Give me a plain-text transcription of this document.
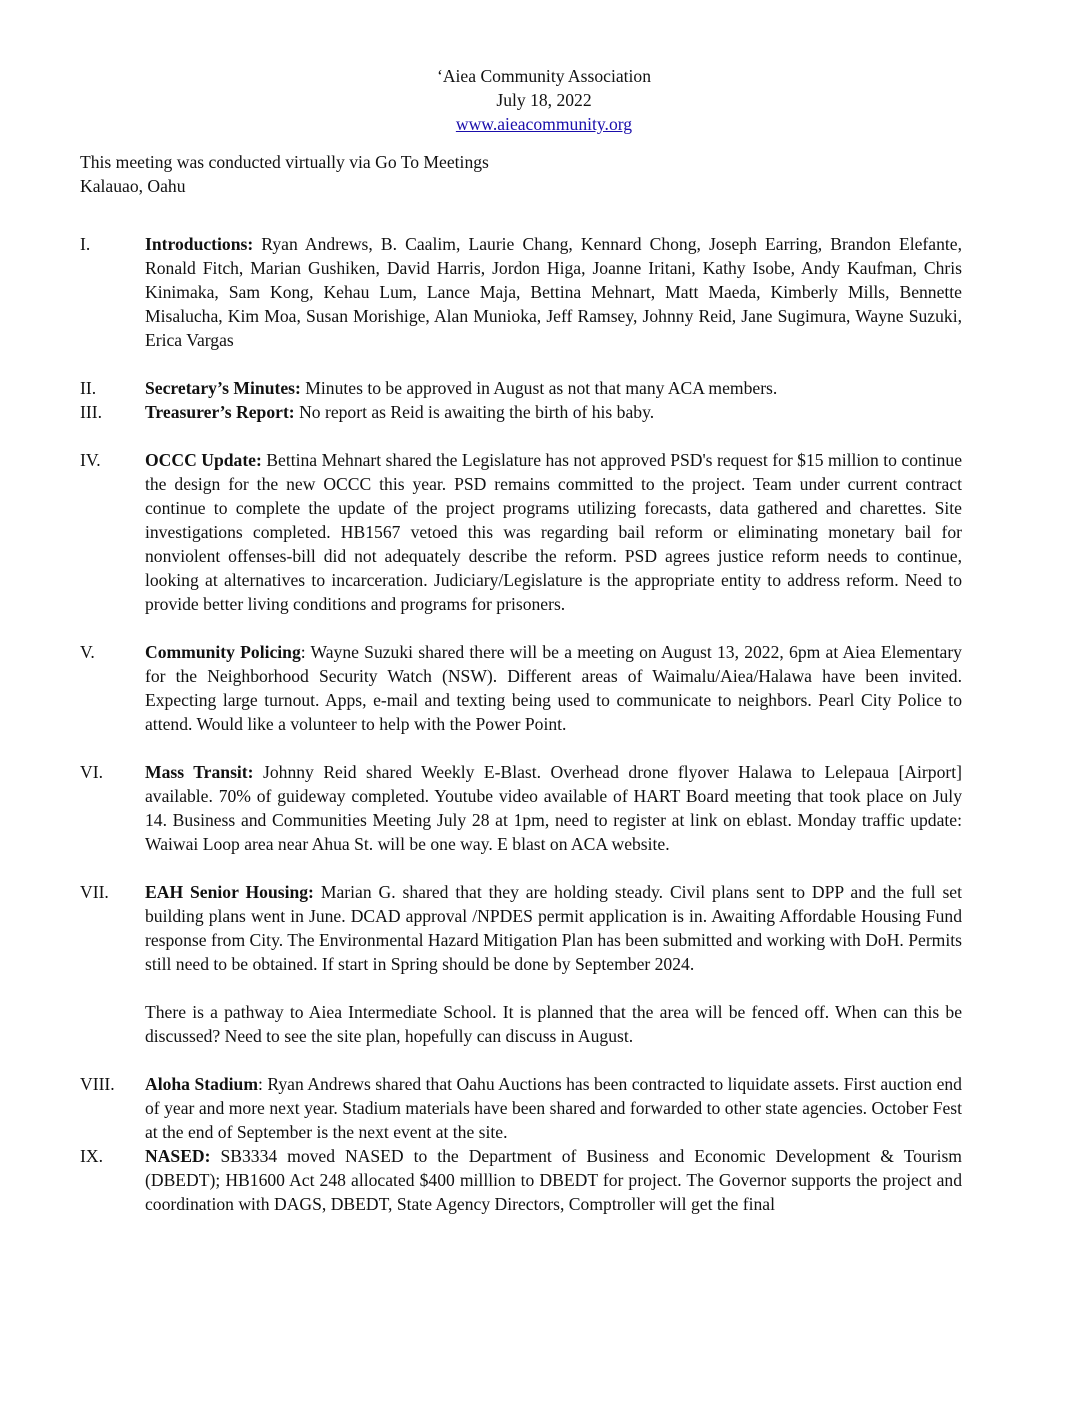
‘Aiea Community Association
July 18, 2022
www.aieacommunity.org
This meeting was conducted virtually via Go To Meetings
Kalauao, Oahu
I.	Introductions: Ryan Andrews, B. Caalim, Laurie Chang, Kennard Chong, Joseph Earring, Brandon Elefante, Ronald Fitch, Marian Gushiken, David Harris, Jordon Higa, Joanne Iritani, Kathy Isobe, Andy Kaufman, Chris Kinimaka, Sam Kong, Kehau Lum, Lance Maja, Bettina Mehnart, Matt Maeda, Kimberly Mills, Bennette Misalucha, Kim Moa, Susan Morishige, Alan Munioka, Jeff Ramsey, Johnny Reid, Jane Sugimura, Wayne Suzuki, Erica Vargas
II.	Secretary’s Minutes: Minutes to be approved in August as not that many ACA members.
III.	Treasurer’s Report: No report as Reid is awaiting the birth of his baby.
IV.	OCCC Update: Bettina Mehnart shared the Legislature has not approved PSD's request for $15 million to continue the design for the new OCCC this year. PSD remains committed to the project. Team under current contract continue to complete the update of the project programs utilizing forecasts, data gathered and charettes. Site investigations completed. HB1567 vetoed this was regarding bail reform or eliminating monetary bail for nonviolent offenses-bill did not adequately describe the reform. PSD agrees justice reform needs to continue, looking at alternatives to incarceration. Judiciary/Legislature is the appropriate entity to address reform. Need to provide better living conditions and programs for prisoners.
V.	Community Policing: Wayne Suzuki shared there will be a meeting on August 13, 2022, 6pm at Aiea Elementary for the Neighborhood Security Watch (NSW). Different areas of Waimalu/Aiea/Halawa have been invited. Expecting large turnout. Apps, e-mail and texting being used to communicate to neighbors. Pearl City Police to attend. Would like a volunteer to help with the Power Point.
VI.	Mass Transit: Johnny Reid shared Weekly E-Blast. Overhead drone flyover Halawa to Lelepaua [Airport] available. 70% of guideway completed. Youtube video available of HART Board meeting that took place on July 14. Business and Communities Meeting July 28 at 1pm, need to register at link on eblast. Monday traffic update: Waiwai Loop area near Ahua St. will be one way. E blast on ACA website.
VII.	EAH Senior Housing: Marian G. shared that they are holding steady. Civil plans sent to DPP and the full set building plans went in June. DCAD approval /NPDES permit application is in. Awaiting Affordable Housing Fund response from City. The Environmental Hazard Mitigation Plan has been submitted and working with DoH. Permits still need to be obtained. If start in Spring should be done by September 2024.
There is a pathway to Aiea Intermediate School. It is planned that the area will be fenced off. When can this be discussed? Need to see the site plan, hopefully can discuss in August.
VIII.	Aloha Stadium: Ryan Andrews shared that Oahu Auctions has been contracted to liquidate assets. First auction end of year and more next year. Stadium materials have been shared and forwarded to other state agencies. October Fest at the end of September is the next event at the site.
IX.	NASED: SB3334 moved NASED to the Department of Business and Economic Development & Tourism (DBEDT); HB1600 Act 248 allocated $400 milllion to DBEDT for project. The Governor supports the project and coordination with DAGS, DBEDT, State Agency Directors, Comptroller will get the final
